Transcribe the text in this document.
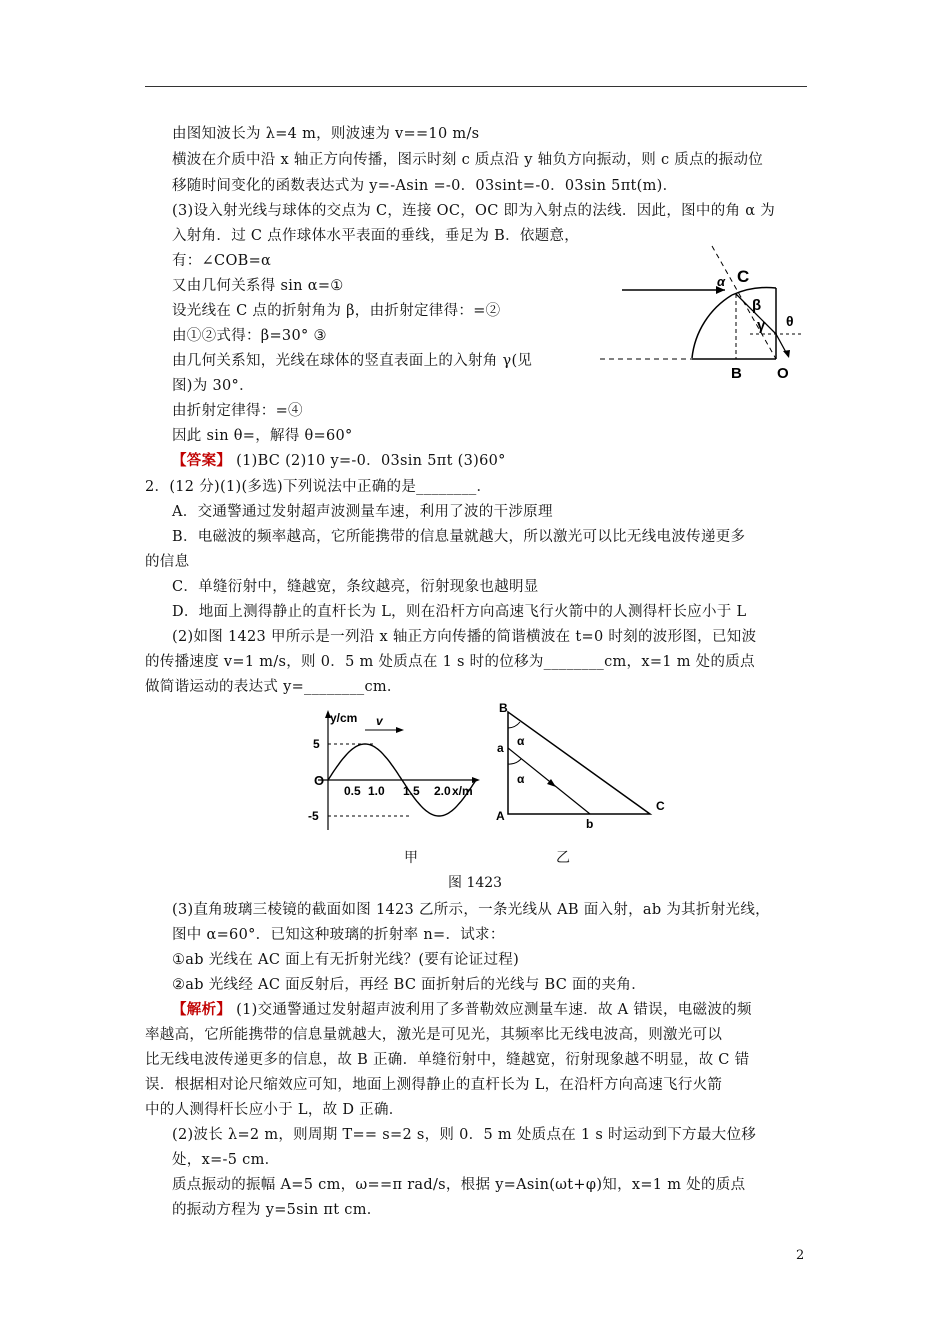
由图知波长为 λ=4 m，则波速为 v==10 m/s
横波在介质中沿 x 轴正方向传播，图示时刻 c 质点沿 y 轴负方向振动，则 c 质点的振动位
移随时间变化的函数表达式为 y=-Asin =-0．03sint=-0．03sin 5πt(m)．
(3)设入射光线与球体的交点为 C，连接 OC，OC 即为入射点的法线．因此，图中的角 α 为
入射角．过 C 点作球体水平表面的垂线，垂足为 B．依题意，
有：∠COB=α
又由几何关系得 sin α=①
设光线在 C 点的折射角为 β，由折射定律得：=②
由①②式得：β=30° ③
由几何关系知，光线在球体的竖直表面上的入射角 γ(见
图)为 30°．
由折射定律得：=④
因此 sin θ=，解得 θ=60°
【答案】 (1)BC (2)10 y=-0．03sin 5πt (3)60°
α C
β
γ θ
B O
2．(12 分)(1)(多选)下列说法中正确的是________．
A．交通警通过发射超声波测量车速，利用了波的干涉原理
B．电磁波的频率越高，它所能携带的信息量就越大，所以激光可以比无线电波传递更多
的信息
C．单缝衍射中，缝越宽，条纹越亮，衍射现象也越明显
D．地面上测得静止的直杆长为 L，则在沿杆方向高速飞行火箭中的人测得杆长应小于 L
(2)如图 1423 甲所示是一列沿 x 轴正方向传播的简谐横波在 t=0 时刻的波形图，已知波
的传播速度 v=1 m/s，则 0．5 m 处质点在 1 s 时的位移为________cm，x=1 m 处的质点
做简谐运动的表达式 y=________cm．
v
y/cm
5
-5
O
0.5 1.0 1.5 2.0 x/m
B
a α
α
A
b
C
甲	乙
图 1423
(3)直角玻璃三棱镜的截面如图 1423 乙所示，一条光线从 AB 面入射，ab 为其折射光线，
图中 α=60°．已知这种玻璃的折射率 n=．试求：
①ab 光线在 AC 面上有无折射光线？(要有论证过程)
②ab 光线经 AC 面反射后，再经 BC 面折射后的光线与 BC 面的夹角．
【解析】 (1)交通警通过发射超声波利用了多普勒效应测量车速．故 A 错误，电磁波的频
率越高，它所能携带的信息量就越大，激光是可见光，其频率比无线电波高，则激光可以
比无线电波传递更多的信息，故 B 正确．单缝衍射中，缝越宽，衍射现象越不明显，故 C 错
误．根据相对论尺缩效应可知，地面上测得静止的直杆长为 L，在沿杆方向高速飞行火箭
中的人测得杆长应小于 L，故 D 正确．
(2)波长 λ=2 m，则周期 T== s=2 s，则 0．5 m 处质点在 1 s 时运动到下方最大位移
处，x=-5 cm．
质点振动的振幅 A=5 cm，ω==π rad/s，根据 y=Asin(ωt+φ)知，x=1 m 处的质点
的振动方程为 y=5sin πt cm．
2
